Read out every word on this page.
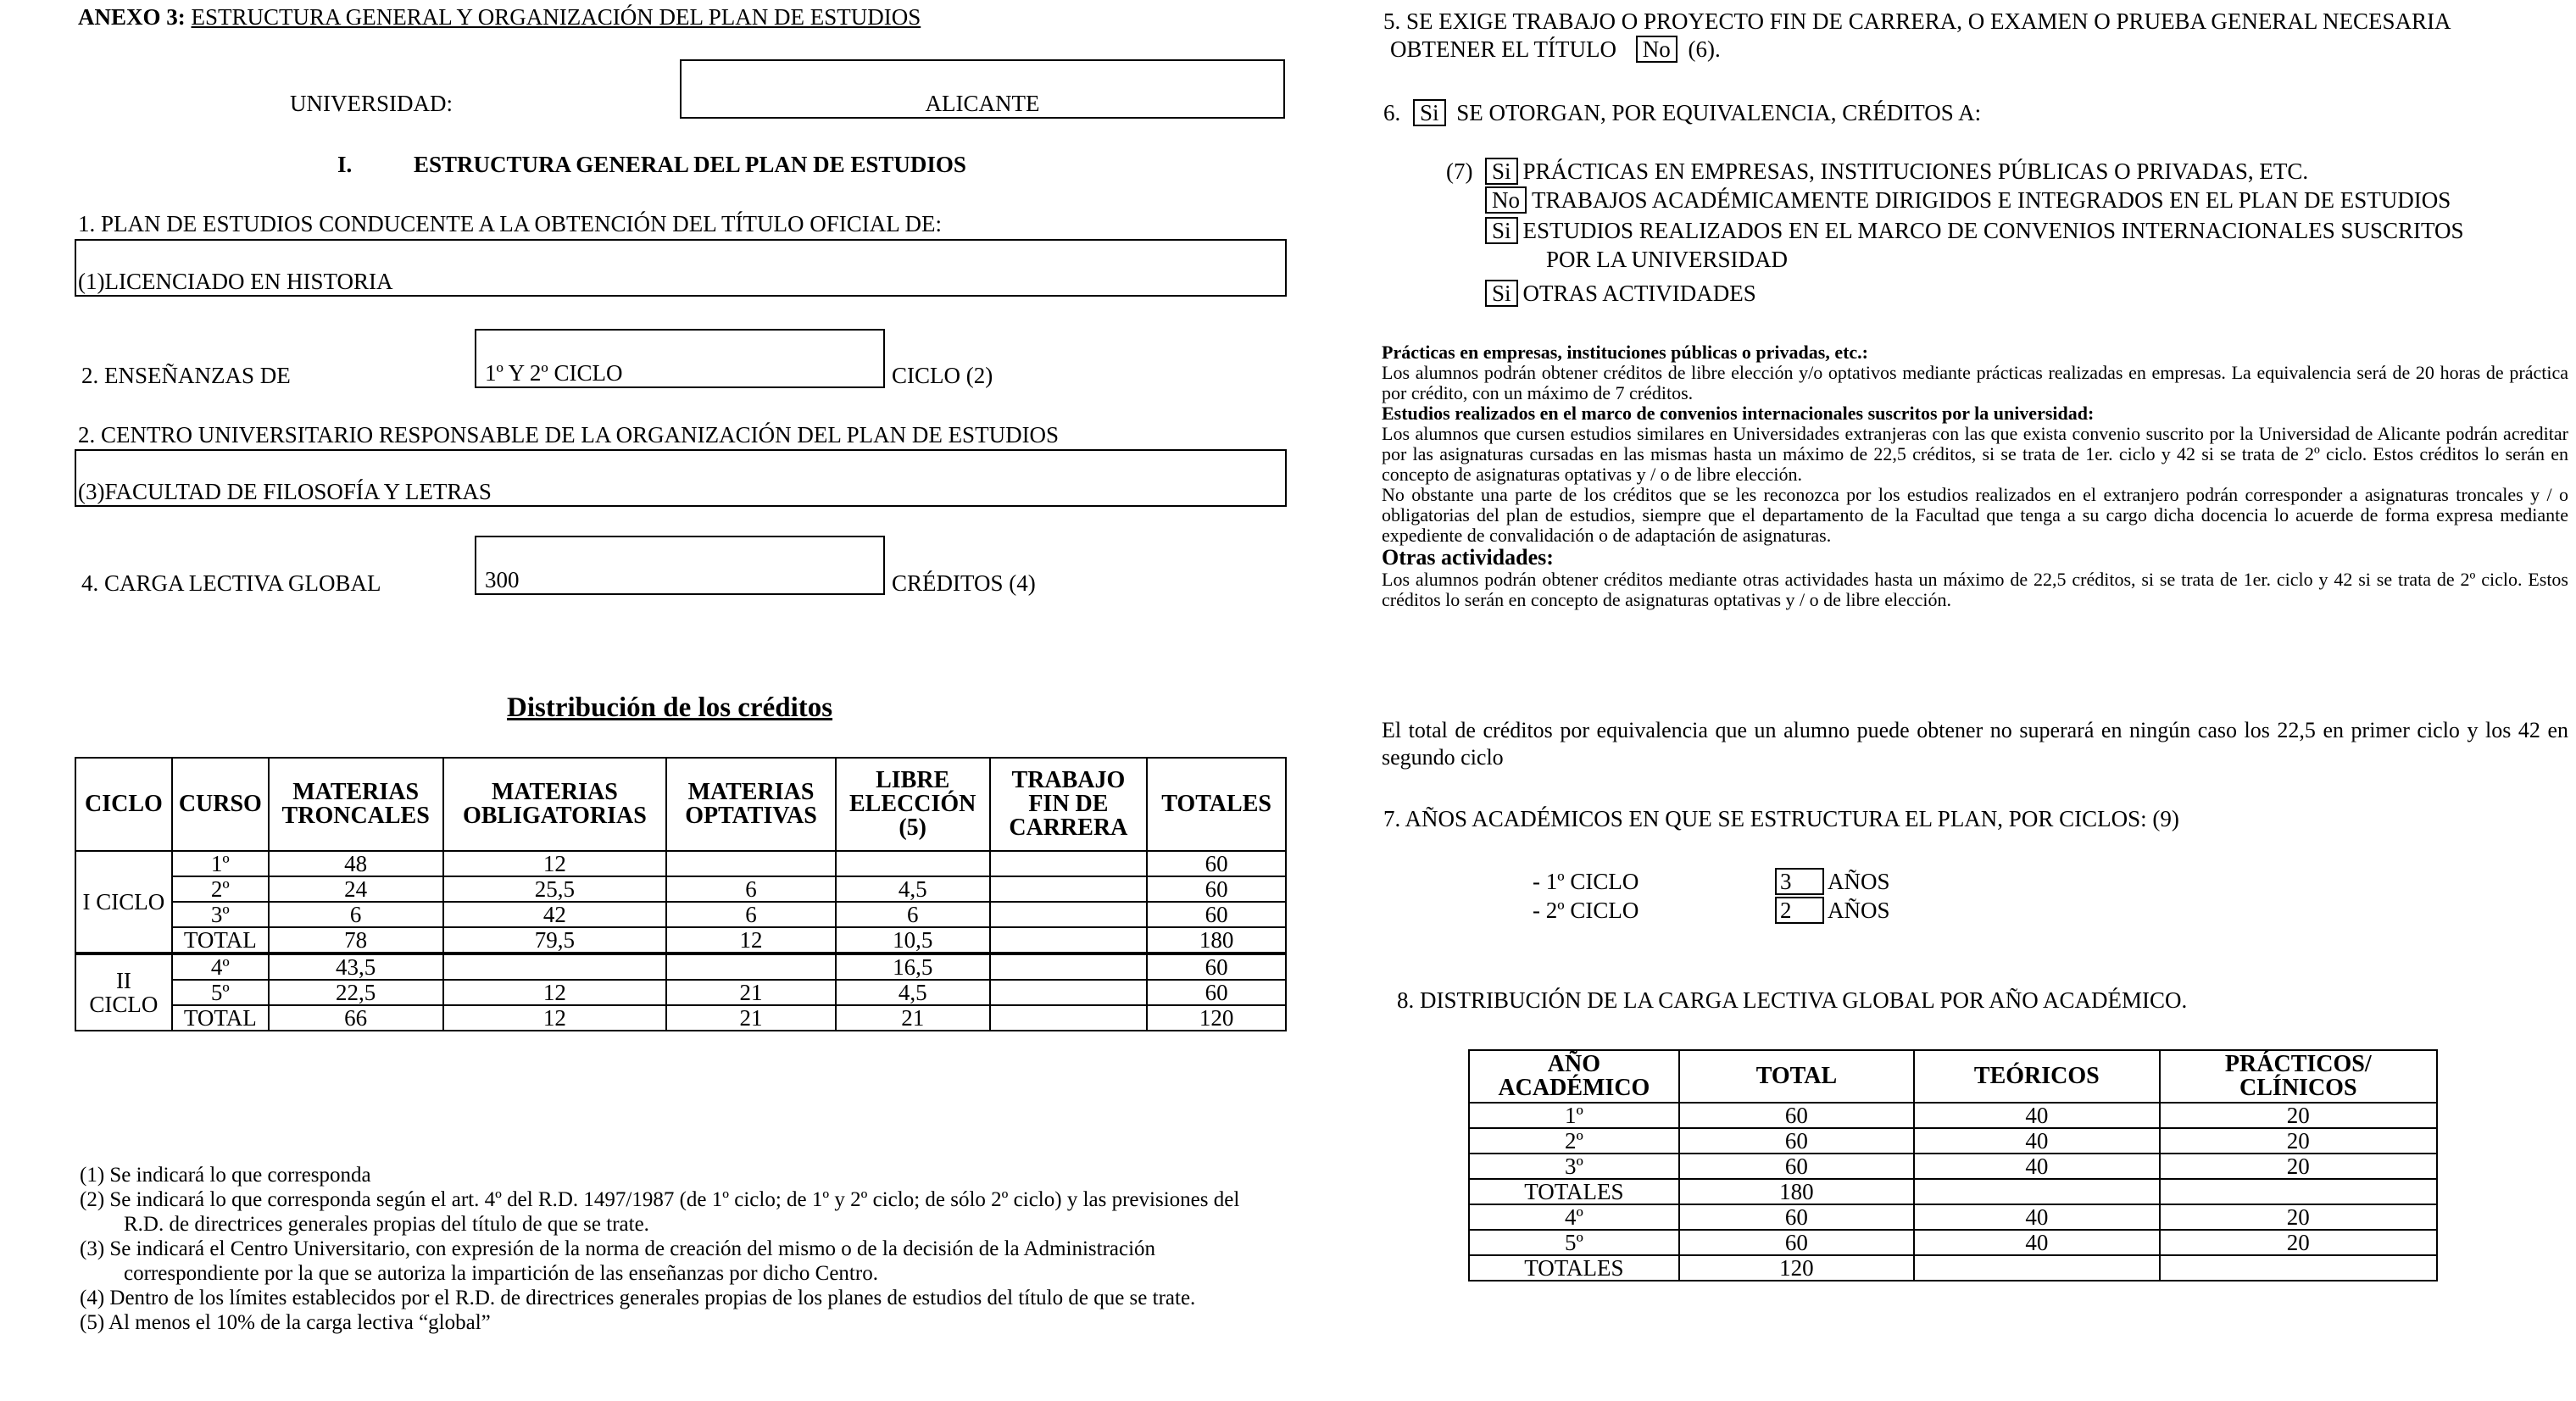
ANEXO 3: ESTRUCTURA GENERAL Y ORGANIZACIÓN DEL PLAN DE ESTUDIOS
UNIVERSIDAD:	ALICANTE
I.	ESTRUCTURA GENERAL DEL PLAN DE ESTUDIOS
1. PLAN DE ESTUDIOS CONDUCENTE A LA OBTENCIÓN DEL TÍTULO OFICIAL DE:
(1)LICENCIADO EN HISTORIA
2. ENSEÑANZAS DE	1º Y 2º CICLO	CICLO (2)
2. CENTRO UNIVERSITARIO RESPONSABLE DE LA ORGANIZACIÓN DEL PLAN DE ESTUDIOS
(3)FACULTAD DE FILOSOFÍA Y LETRAS
4. CARGA LECTIVA GLOBAL	300	CRÉDITOS (4)
Distribución de los créditos
CICLO	CURSO	MATERIAS TRONCALES	MATERIAS OBLIGATORIAS	MATERIAS OPTATIVAS	LIBRE ELECCIÓN (5)	TRABAJO FIN DE CARRERA	TOTALES
I CICLO	1º	48	12				60
	2º	24	25,5	6	4,5		60
	3º	6	42	6	6		60
	TOTAL	78	79,5	12	10,5		180
II CICLO	4º	43,5			16,5		60
	5º	22,5	12	21	4,5		60
	TOTAL	66	12	21	21		120
(1) Se indicará lo que corresponda
(2) Se indicará lo que corresponda según el art. 4º del R.D. 1497/1987 (de 1º ciclo; de 1º y 2º ciclo; de sólo 2º ciclo) y las previsiones del R.D. de directrices generales propias del título de que se trate.
(3) Se indicará el Centro Universitario, con expresión de la norma de creación del mismo o de la decisión de la Administración correspondiente por la que se autoriza la impartición de las enseñanzas por dicho Centro.
(4) Dentro de los límites establecidos por el R.D. de directrices generales propias de los planes de estudios del título de que se trate.
(5) Al menos el 10% de la carga lectiva “global”
5. SE EXIGE TRABAJO O PROYECTO FIN DE CARRERA, O EXAMEN O PRUEBA GENERAL NECESARIA
OBTENER EL TÍTULO No (6).
6. Si SE OTORGAN, POR EQUIVALENCIA, CRÉDITOS A:
(7) Si PRÁCTICAS EN EMPRESAS, INSTITUCIONES PÚBLICAS O PRIVADAS, ETC.
No TRABAJOS ACADÉMICAMENTE DIRIGIDOS E INTEGRADOS EN EL PLAN DE ESTUDIOS
Si ESTUDIOS REALIZADOS EN EL MARCO DE CONVENIOS INTERNACIONALES SUSCRITOS
POR LA UNIVERSIDAD
Si OTRAS ACTIVIDADES
Prácticas en empresas, instituciones públicas o privadas, etc.:
Los alumnos podrán obtener créditos de libre elección y/o optativos mediante prácticas realizadas en empresas. La equivalencia será de 20 horas de práctica por crédito, con un máximo de 7 créditos.
Estudios realizados en el marco de convenios internacionales suscritos por la universidad:
Los alumnos que cursen estudios similares en Universidades extranjeras con las que exista convenio suscrito por la Universidad de Alicante podrán acreditar por las asignaturas cursadas en las mismas hasta un máximo de 22,5 créditos, si se trata de 1er. ciclo y 42 si se trata de 2º ciclo. Estos créditos lo serán en concepto de asignaturas optativas y / o de libre elección.
No obstante una parte de los créditos que se les reconozca por los estudios realizados en el extranjero podrán corresponder a asignaturas troncales y / o obligatorias del plan de estudios, siempre que el departamento de la Facultad que tenga a su cargo dicha docencia lo acuerde de forma expresa mediante expediente de convalidación o de adaptación de asignaturas.
Otras actividades:
Los alumnos podrán obtener créditos mediante otras actividades hasta un máximo de 22,5 créditos, si se trata de 1er. ciclo y 42 si se trata de 2º ciclo. Estos créditos lo serán en concepto de asignaturas optativas y / o de libre elección.
El total de créditos por equivalencia que un alumno puede obtener no superará en ningún caso los 22,5 en primer ciclo y los 42 en segundo ciclo
7. AÑOS ACADÉMICOS EN QUE SE ESTRUCTURA EL PLAN, POR CICLOS: (9)
- 1º CICLO	3 AÑOS
- 2º CICLO	2 AÑOS
8. DISTRIBUCIÓN DE LA CARGA LECTIVA GLOBAL POR AÑO ACADÉMICO.
AÑO ACADÉMICO	TOTAL	TEÓRICOS	PRÁCTICOS/ CLÍNICOS
1º	60	40	20
2º	60	40	20
3º	60	40	20
TOTALES	180		
4º	60	40	20
5º	60	40	20
TOTALES	120		
